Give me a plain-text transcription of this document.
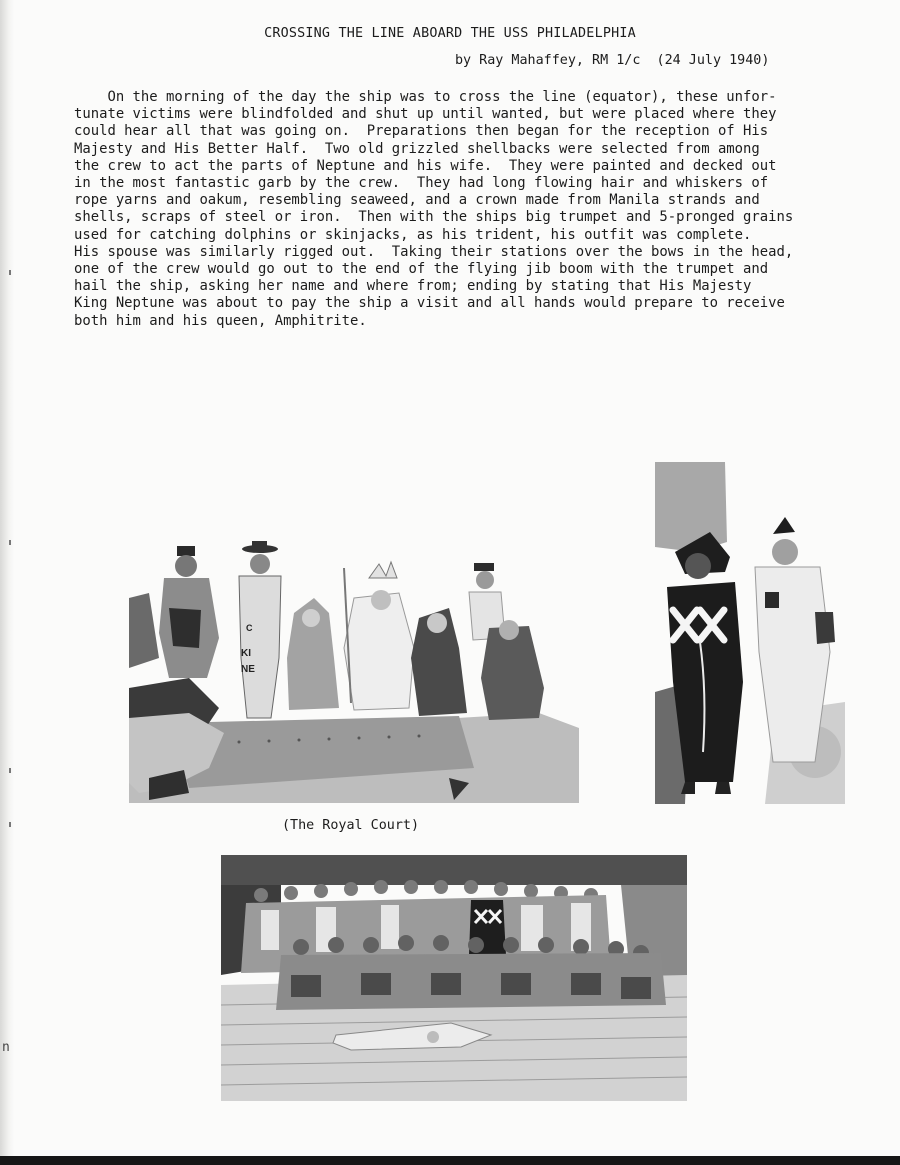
n
CROSSING THE LINE ABOARD THE USS PHILADELPHIA
by Ray Mahaffey, RM 1/c  (24 July 1940)
On the morning of the day the ship was to cross the line (equator), these unfor-
tunate victims were blindfolded and shut up until wanted, but were placed where they
could hear all that was going on.  Preparations then began for the reception of His
Majesty and His Better Half.  Two old grizzled shellbacks were selected from among
the crew to act the parts of Neptune and his wife.  They were painted and decked out
in the most fantastic garb by the crew.  They had long flowing hair and whiskers of
rope yarns and oakum, resembling seaweed, and a crown made from Manila strands and
shells, scraps of steel or iron.  Then with the ships big trumpet and 5-pronged grains
used for catching dolphins or skinjacks, as his trident, his outfit was complete.
His spouse was similarly rigged out.  Taking their stations over the bows in the head,
one of the crew would go out to the end of the flying jib boom with the trumpet and
hail the ship, asking her name and where from; ending by stating that His Majesty
King Neptune was about to pay the ship a visit and all hands would prepare to receive
both him and his queen, Amphitrite.
KI
NE
C
(The Royal Court)
